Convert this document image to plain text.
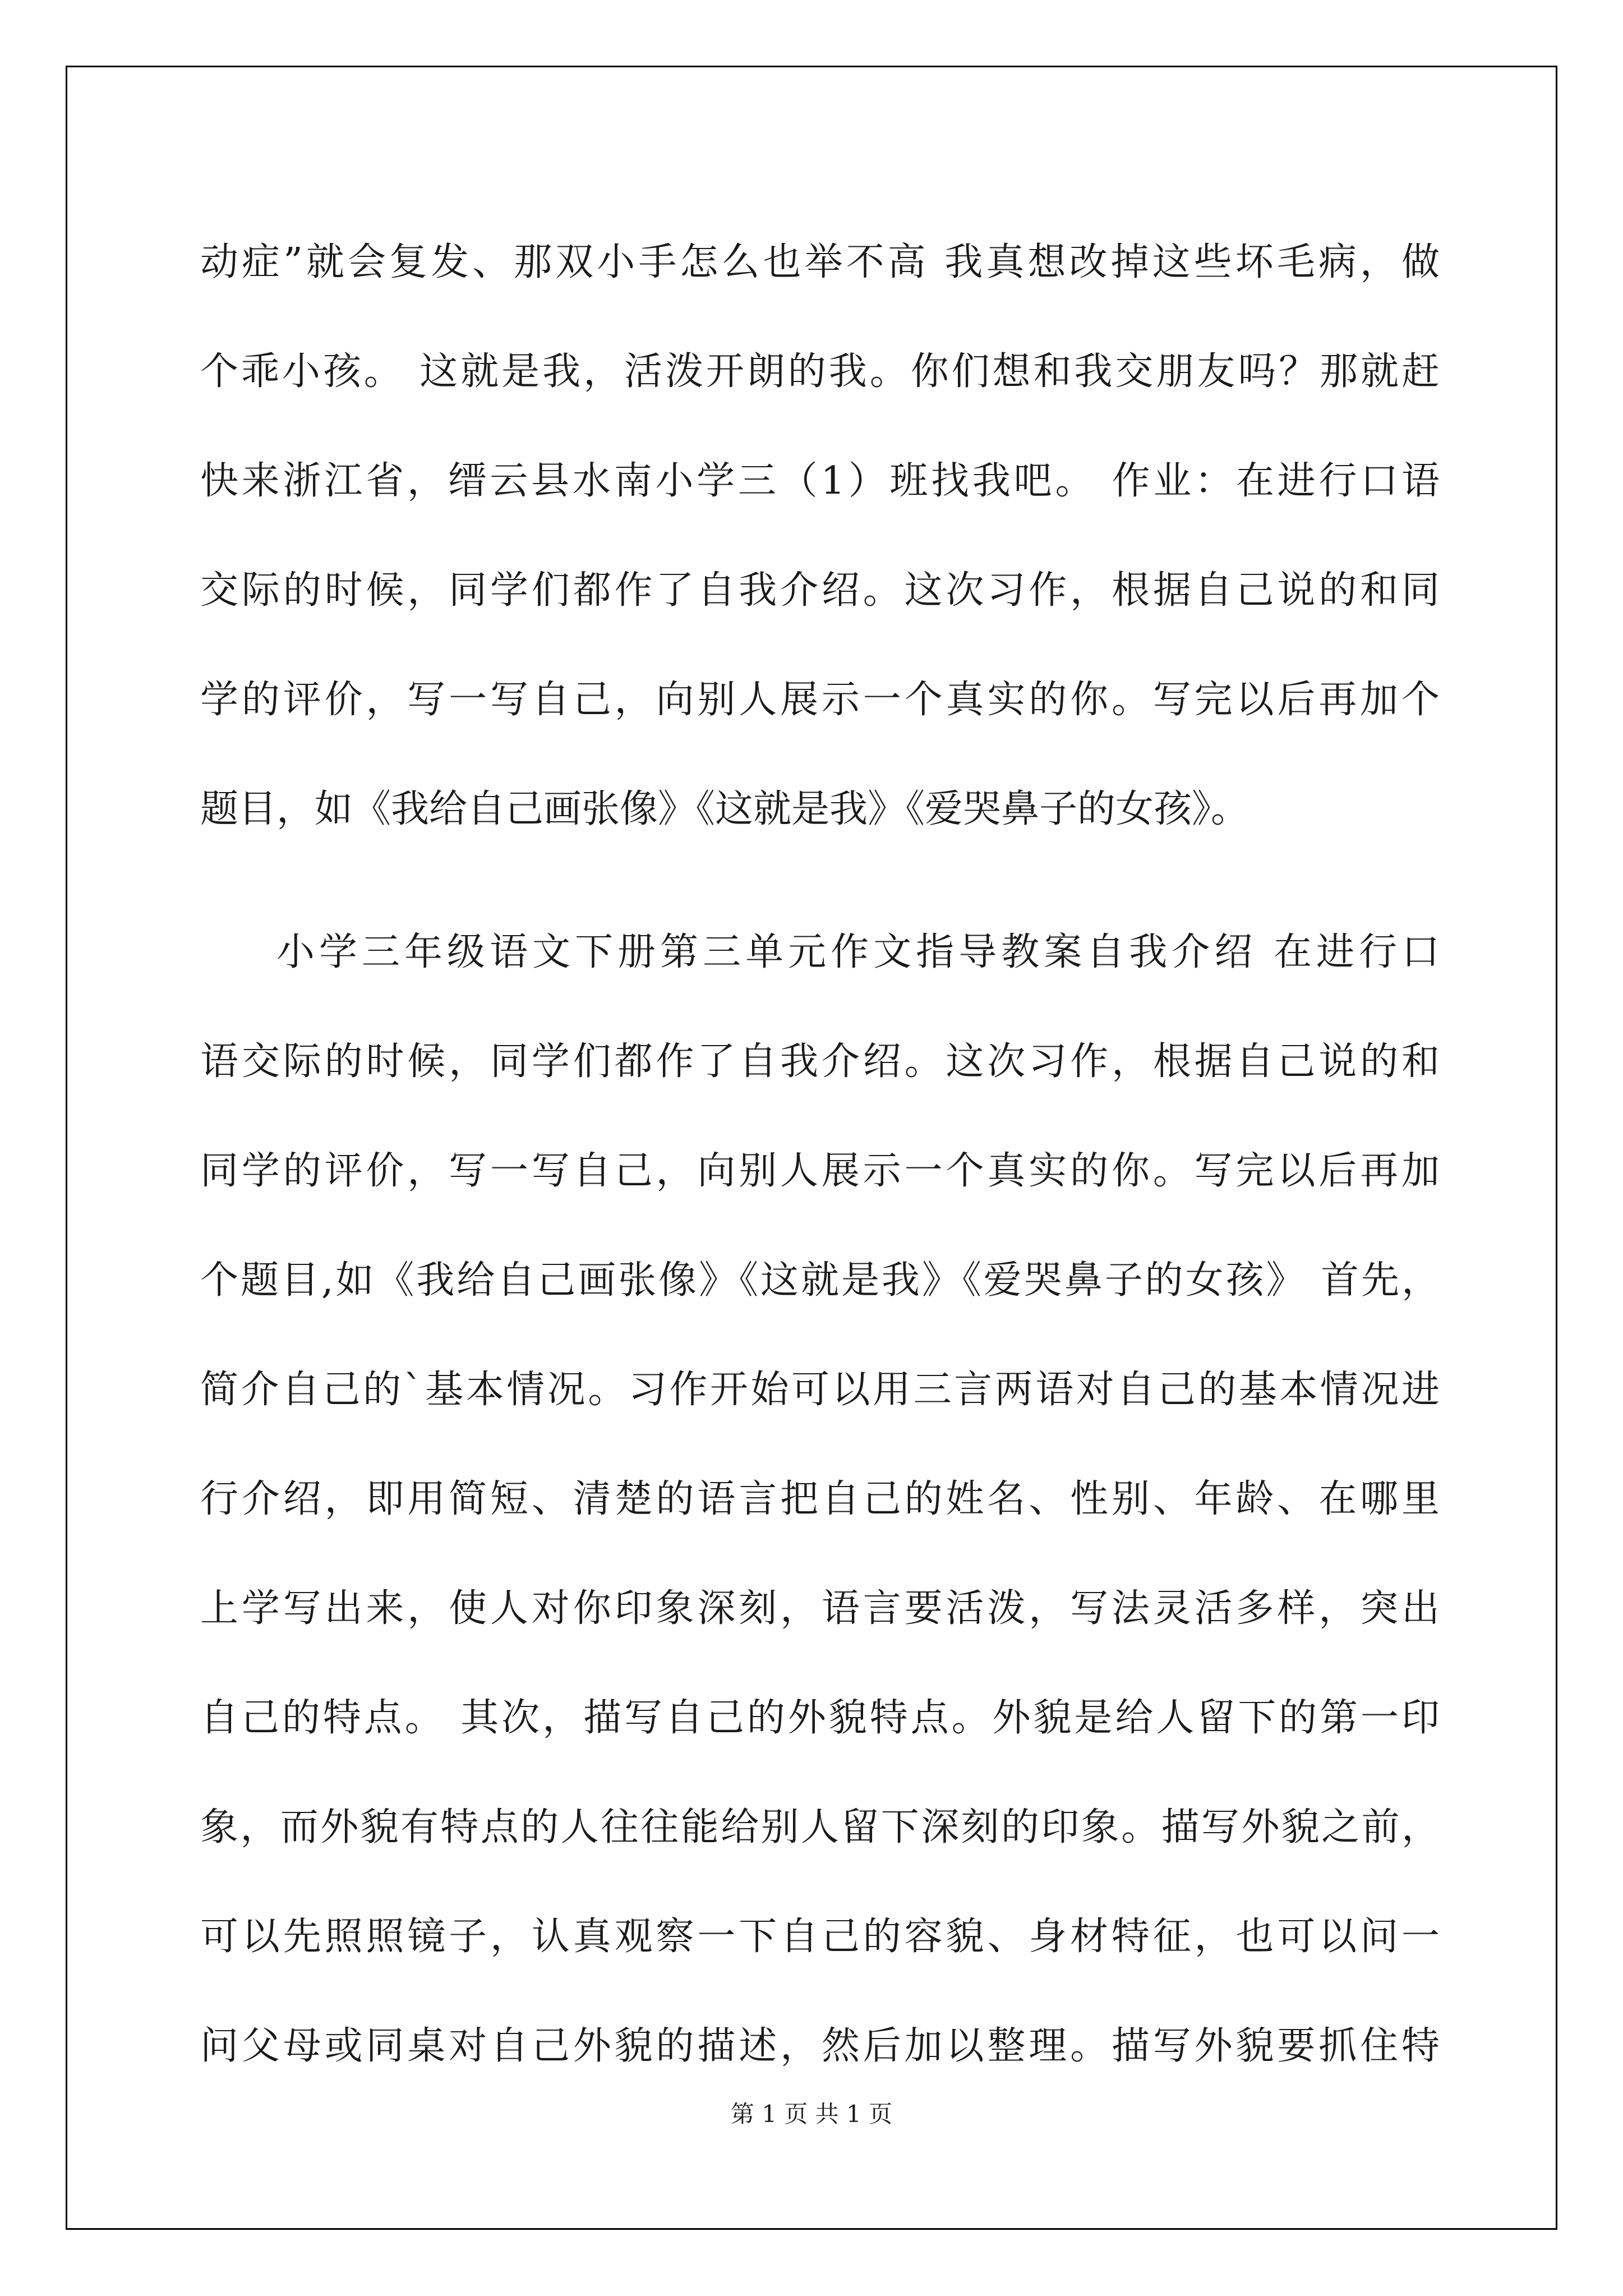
动症”就会复发、那双小手怎么也举不高 我真想改掉这些坏毛病，做
个乖小孩。 这就是我，活泼开朗的我。你们想和我交朋友吗？那就赶
快来浙江省，缙云县水南小学三（1）班找我吧。 作业：在进行口语
交际的时候，同学们都作了自我介绍。这次习作，根据自己说的和同
学的评价，写一写自己，向别人展示一个真实的你。写完以后再加个
题目，如《我给自己画张像》《这就是我》《爱哭鼻子的女孩》。
小学三年级语文下册第三单元作文指导教案自我介绍 在进行口
语交际的时候，同学们都作了自我介绍。这次习作，根据自己说的和
同学的评价，写一写自己，向别人展示一个真实的你。写完以后再加
个题目,如《我给自己画张像》《这就是我》《爱哭鼻子的女孩》 首先，
简介自己的`基本情况。习作开始可以用三言两语对自己的基本情况进
行介绍，即用简短、清楚的语言把自己的姓名、性别、年龄、在哪里
上学写出来，使人对你印象深刻，语言要活泼，写法灵活多样，突出
自己的特点。 其次，描写自己的外貌特点。外貌是给人留下的第一印
象，而外貌有特点的人往往能给别人留下深刻的印象。描写外貌之前，
可以先照照镜子，认真观察一下自己的容貌、身材特征，也可以问一
问父母或同桌对自己外貌的描述，然后加以整理。描写外貌要抓住特
第 1 页 共 1 页
